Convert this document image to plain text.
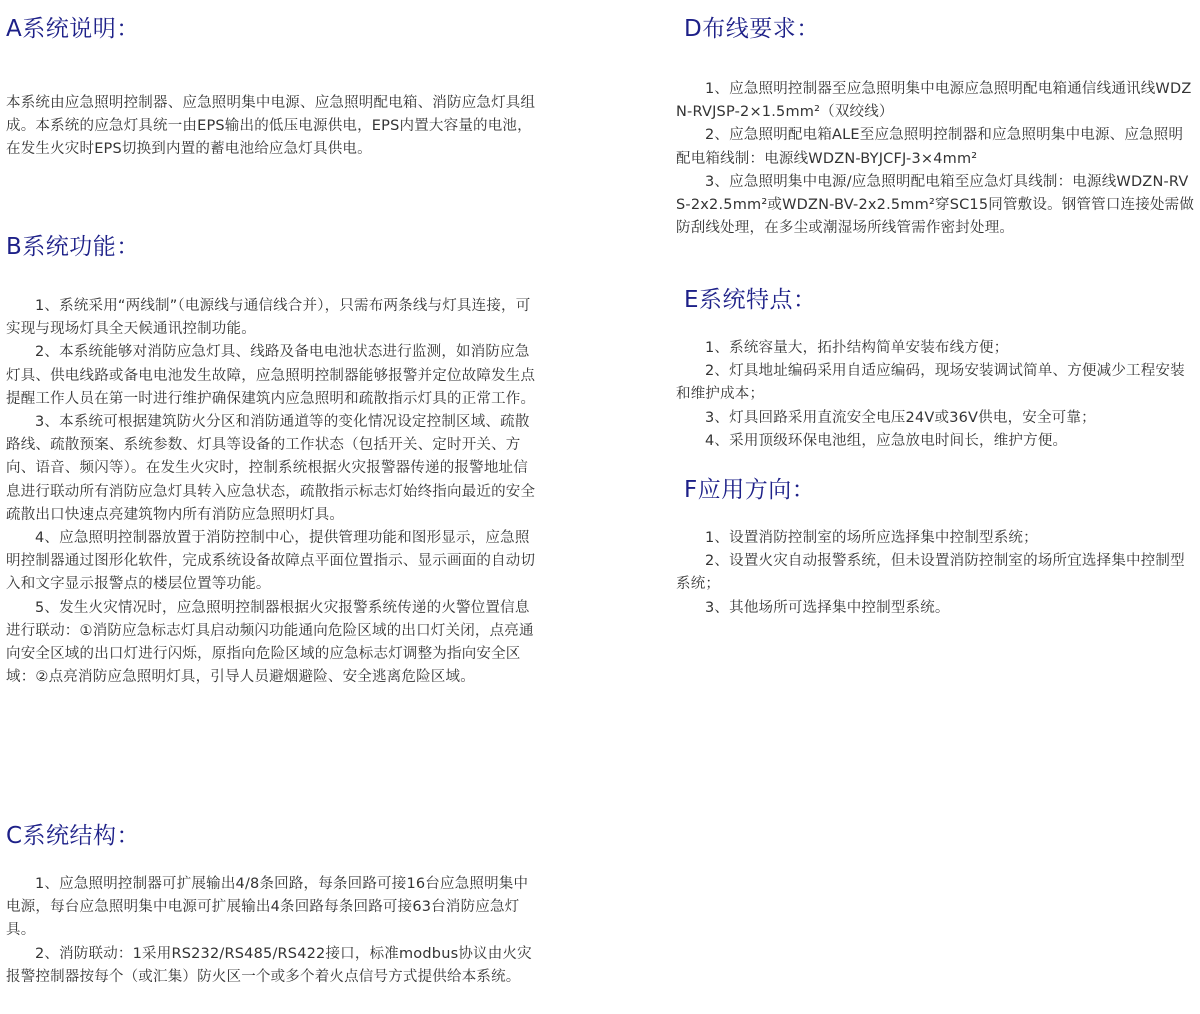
A系统说明：

本系统由应急照明控制器、应急照明集中电源、应急照明配电箱、消防应急灯具组成。本系统的应急灯具统一由EPS输出的低压电源供电，EPS内置大容量的电池，在发生火灾时EPS切换到内置的蓄电池给应急灯具供电。

B系统功能：

1、系统采用“两线制”（电源线与通信线合并），只需布两条线与灯具连接，可实现与现场灯具全天候通讯控制功能。

2、本系统能够对消防应急灯具、线路及备电电池状态进行监测，如消防应急灯具、供电线路或备电电池发生故障，应急照明控制器能够报警并定位故障发生点提醒工作人员在第一时进行维护确保建筑内应急照明和疏散指示灯具的正常工作。

3、本系统可根据建筑防火分区和消防通道等的变化情况设定控制区域、疏散路线、疏散预案、系统参数、灯具等设备的工作状态（包括开关、定时开关、方向、语音、频闪等）。在发生火灾时，控制系统根据火灾报警器传递的报警地址信息进行联动所有消防应急灯具转入应急状态，疏散指示标志灯始终指向最近的安全疏散出口快速点亮建筑物内所有消防应急照明灯具。

4、应急照明控制器放置于消防控制中心，提供管理功能和图形显示，应急照明控制器通过图形化软件，完成系统设备故障点平面位置指示、显示画面的自动切入和文字显示报警点的楼层位置等功能。

5、发生火灾情况时，应急照明控制器根据火灾报警系统传递的火警位置信息进行联动：①消防应急标志灯具启动频闪功能通向危险区域的出口灯关闭，点亮通向安全区域的出口灯进行闪烁，原指向危险区域的应急标志灯调整为指向安全区域：②点亮消防应急照明灯具，引导人员避烟避险、安全逃离危险区域。

C系统结构：

1、应急照明控制器可扩展输出4/8条回路，每条回路可接16台应急照明集中电源，每台应急照明集中电源可扩展输出4条回路每条回路可接63台消防应急灯具。

2、消防联动：1采用RS232/RS485/RS422接口，标准modbus协议由火灾报警控制器按每个（或汇集）防火区一个或多个着火点信号方式提供给本系统。

D布线要求：

1、应急照明控制器至应急照明集中电源应急照明配电箱通信线通讯线WDZN-RVJSP-2×1.5mm²（双绞线）

2、应急照明配电箱ALE至应急照明控制器和应急照明集中电源、应急照明配电箱线制：电源线WDZN-BYJCFJ-3×4mm²

3、应急照明集中电源/应急照明配电箱至应急灯具线制：电源线WDZN-RVS-2x2.5mm²或WDZN-BV-2x2.5mm²穿SC15同管敷设。钢管管口连接处需做防刮线处理，在多尘或潮湿场所线管需作密封处理。

E系统特点：

1、系统容量大，拓扑结构简单安装布线方便；

2、灯具地址编码采用自适应编码，现场安装调试简单、方便减少工程安装和维护成本；

3、灯具回路采用直流安全电压24V或36V供电，安全可靠；

4、采用顶级环保电池组，应急放电时间长，维护方便。

F应用方向：

1、设置消防控制室的场所应选择集中控制型系统；

2、设置火灾自动报警系统，但未设置消防控制室的场所宜选择集中控制型系统；

3、其他场所可选择集中控制型系统。
